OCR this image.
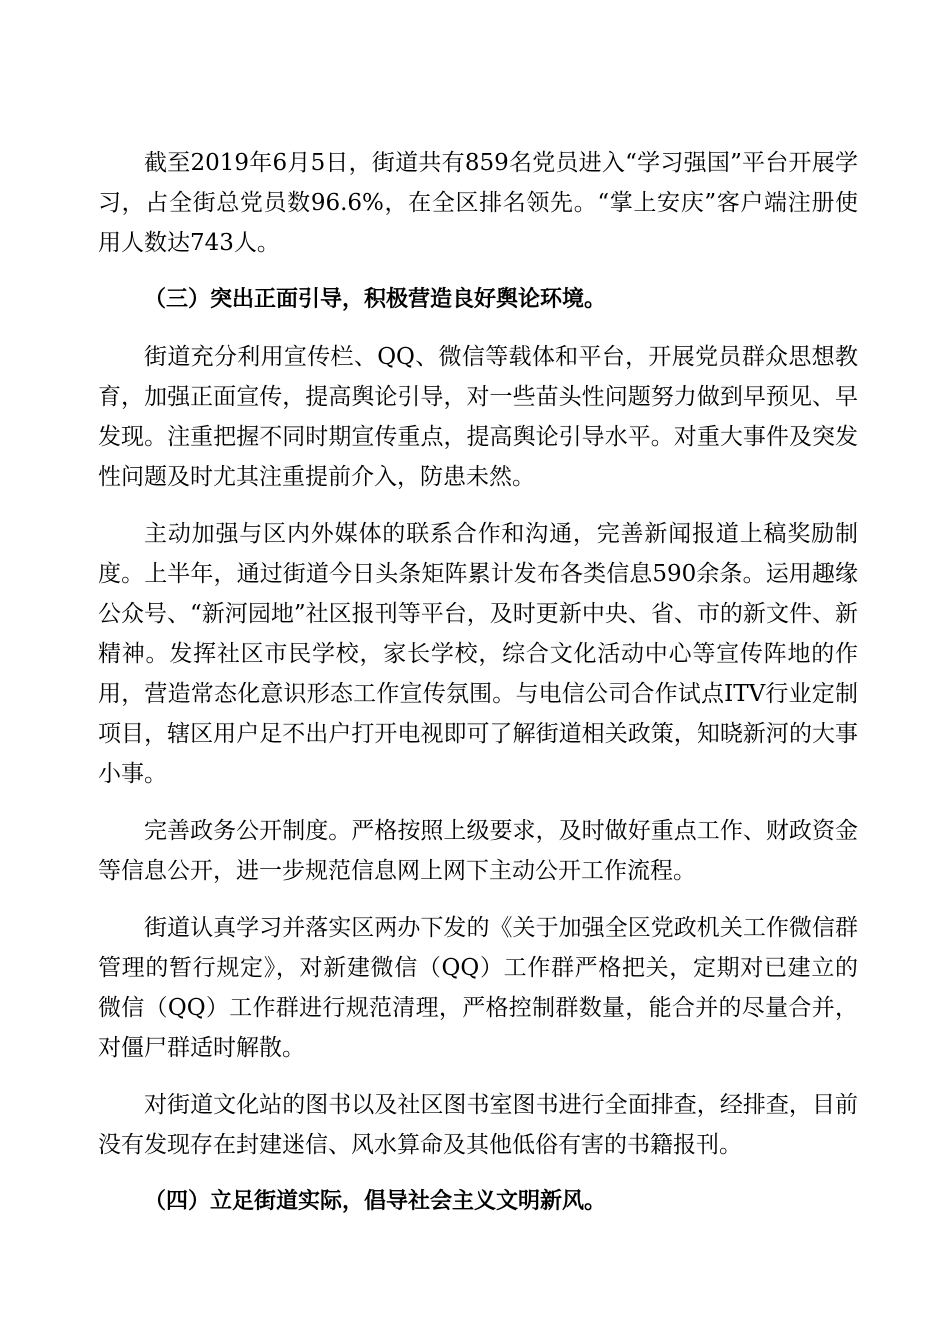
截至2019年6月5日，街道共有859名党员进入“学习强国”平台开展学习，占全街总党员数96.6%，在全区排名领先。“掌上安庆”客户端注册使用人数达743人。

（三）突出正面引导，积极营造良好舆论环境。

街道充分利用宣传栏、QQ、微信等载体和平台，开展党员群众思想教育，加强正面宣传，提高舆论引导，对一些苗头性问题努力做到早预见、早发现。注重把握不同时期宣传重点，提高舆论引导水平。对重大事件及突发性问题及时尤其注重提前介入，防患未然。

主动加强与区内外媒体的联系合作和沟通，完善新闻报道上稿奖励制度。上半年，通过街道今日头条矩阵累计发布各类信息590余条。运用趣缘公众号、“新河园地”社区报刊等平台，及时更新中央、省、市的新文件、新精神。发挥社区市民学校，家长学校，综合文化活动中心等宣传阵地的作用，营造常态化意识形态工作宣传氛围。与电信公司合作试点ITV行业定制项目，辖区用户足不出户打开电视即可了解街道相关政策，知晓新河的大事小事。

完善政务公开制度。严格按照上级要求，及时做好重点工作、财政资金等信息公开，进一步规范信息网上网下主动公开工作流程。

街道认真学习并落实区两办下发的《关于加强全区党政机关工作微信群管理的暂行规定》，对新建微信（QQ）工作群严格把关，定期对已建立的微信（QQ）工作群进行规范清理，严格控制群数量，能合并的尽量合并，对僵尸群适时解散。

对街道文化站的图书以及社区图书室图书进行全面排查，经排查，目前没有发现存在封建迷信、风水算命及其他低俗有害的书籍报刊。

（四）立足街道实际，倡导社会主义文明新风。
